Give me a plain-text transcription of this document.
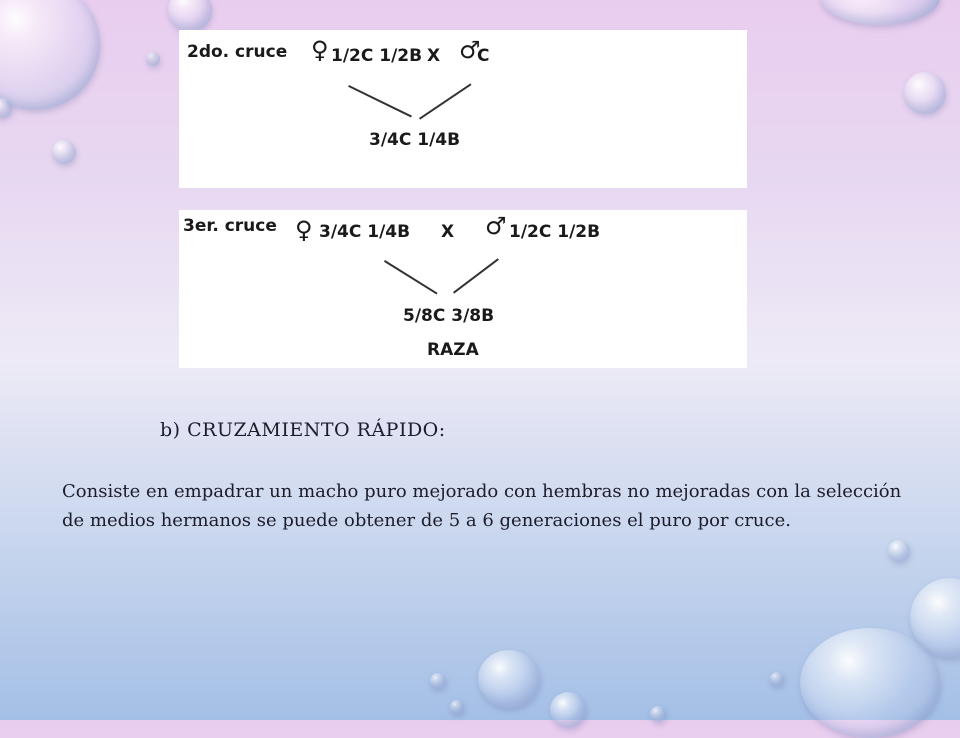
2do. cruce ♀ 1/2C 1/2B X ♂
C
3/4C 1/4B
3er. cruce ♀ 3/4C 1/4B X ♂ 1/2C 1/2B
5/8C 3/8B
RAZA
b) CRUZAMIENTO RÁPIDO:

Consiste en empadrar un macho puro mejorado con hembras no mejoradas con la selección de medios hermanos se puede obtener de 5 a 6 generaciones el puro por cruce.
